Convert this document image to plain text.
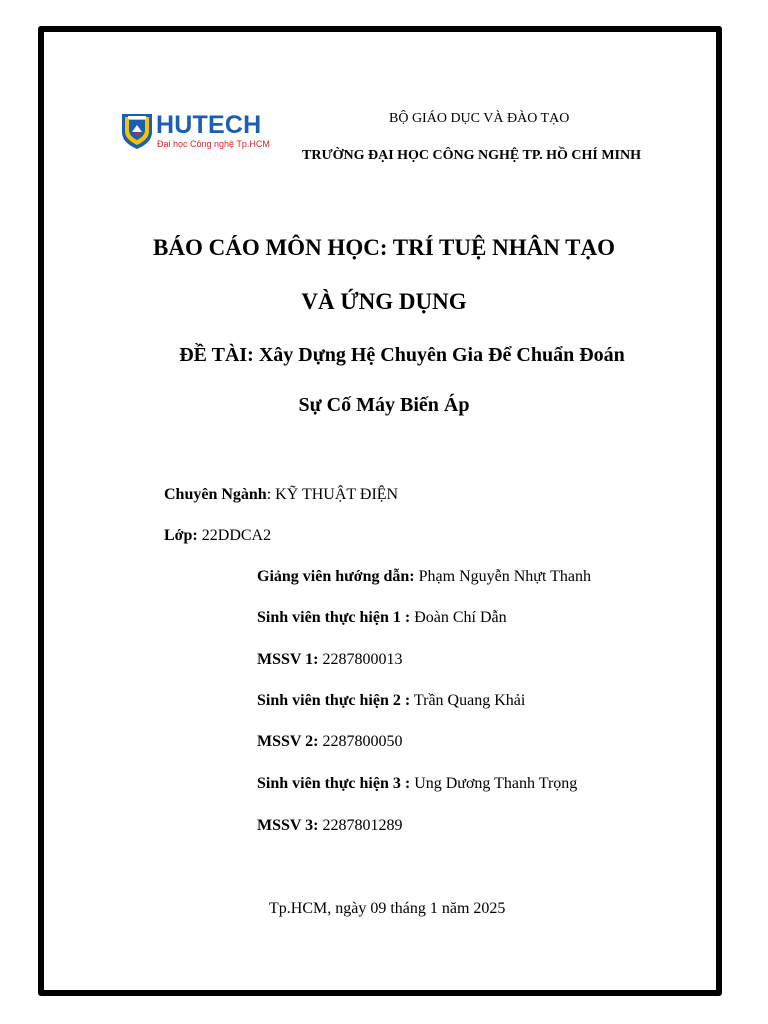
HUTECH
Đại học Công nghệ Tp.HCM
BỘ GIÁO DỤC VÀ ĐÀO TẠO
TRƯỜNG ĐẠI HỌC CÔNG NGHỆ TP. HỒ CHÍ MINH
BÁO CÁO MÔN HỌC: TRÍ TUỆ NHÂN TẠO
VÀ ỨNG DỤNG
ĐỀ TÀI: Xây Dựng Hệ Chuyên Gia Để Chuẩn Đoán
Sự Cố Máy Biến Áp
Chuyên Ngành: KỸ THUẬT ĐIỆN
Lớp: 22DDCA2
Giảng viên hướng dẫn: Phạm Nguyễn Nhựt Thanh
Sinh viên thực hiện 1 : Đoàn Chí Dẫn
MSSV 1: 2287800013
Sinh viên thực hiện 2 : Trần Quang Khải
MSSV 2: 2287800050
Sinh viên thực hiện 3 : Ung Dương Thanh Trọng
MSSV 3: 2287801289
Tp.HCM, ngày 09 tháng 1 năm 2025
